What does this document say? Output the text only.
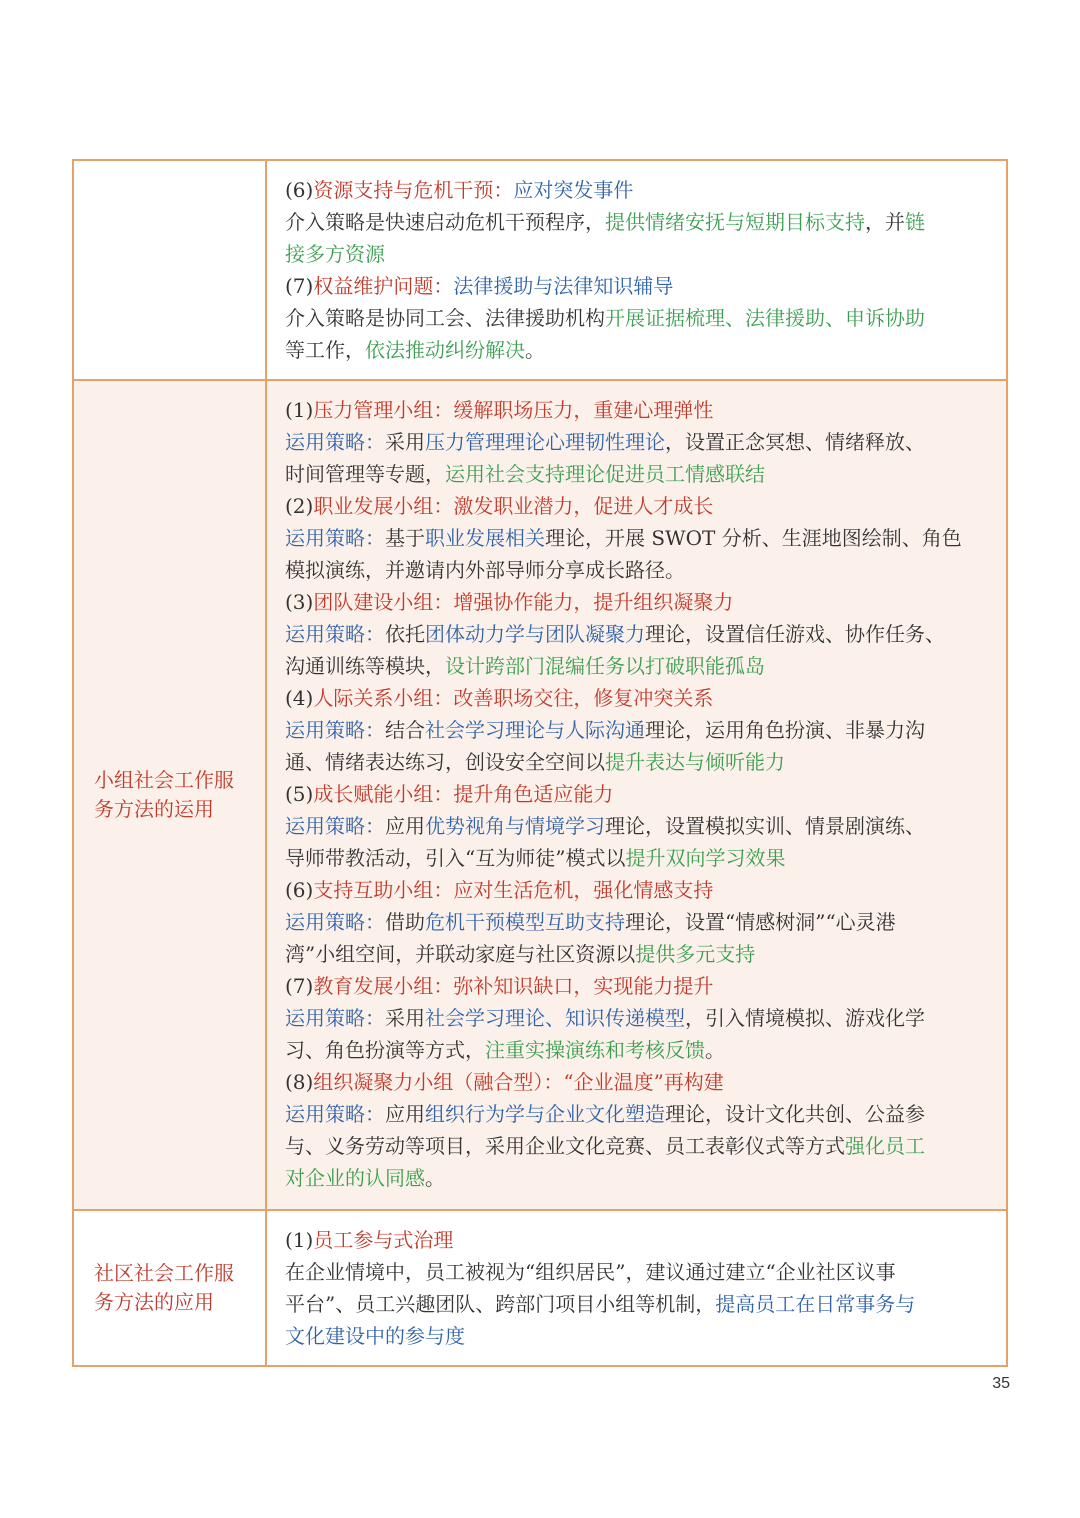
(6)资源支持与危机干预：应对突发事件
介入策略是快速启动危机干预程序，提供情绪安抚与短期目标支持，并链
接多方资源
(7)权益维护问题：法律援助与法律知识辅导
介入策略是协同工会、法律援助机构开展证据梳理、法律援助、申诉协助
等工作，依法推动纠纷解决。
小组社会工作服务方法的运用
(1)压力管理小组：缓解职场压力，重建心理弹性
运用策略：采用压力管理理论心理韧性理论，设置正念冥想、情绪释放、
时间管理等专题，运用社会支持理论促进员工情感联结
(2)职业发展小组：激发职业潜力，促进人才成长
运用策略：基于职业发展相关理论，开展 SWOT 分析、生涯地图绘制、角色
模拟演练，并邀请内外部导师分享成长路径。
(3)团队建设小组：增强协作能力，提升组织凝聚力
运用策略：依托团体动力学与团队凝聚力理论，设置信任游戏、协作任务、
沟通训练等模块，设计跨部门混编任务以打破职能孤岛
(4)人际关系小组：改善职场交往，修复冲突关系
运用策略：结合社会学习理论与人际沟通理论，运用角色扮演、非暴力沟
通、情绪表达练习，创设安全空间以提升表达与倾听能力
(5)成长赋能小组：提升角色适应能力
运用策略：应用优势视角与情境学习理论，设置模拟实训、情景剧演练、
导师带教活动，引入“互为师徒”模式以提升双向学习效果
(6)支持互助小组：应对生活危机，强化情感支持
运用策略：借助危机干预模型互助支持理论，设置“情感树洞”“心灵港
湾”小组空间，并联动家庭与社区资源以提供多元支持
(7)教育发展小组：弥补知识缺口，实现能力提升
运用策略：采用社会学习理论、知识传递模型，引入情境模拟、游戏化学
习、角色扮演等方式，注重实操演练和考核反馈。
(8)组织凝聚力小组（融合型）：“企业温度”再构建
运用策略：应用组织行为学与企业文化塑造理论，设计文化共创、公益参
与、义务劳动等项目，采用企业文化竞赛、员工表彰仪式等方式强化员工
对企业的认同感。
社区社会工作服务方法的应用
(1)员工参与式治理
在企业情境中，员工被视为“组织居民”，建议通过建立“企业社区议事
平台”、员工兴趣团队、跨部门项目小组等机制，提高员工在日常事务与
文化建设中的参与度
35
